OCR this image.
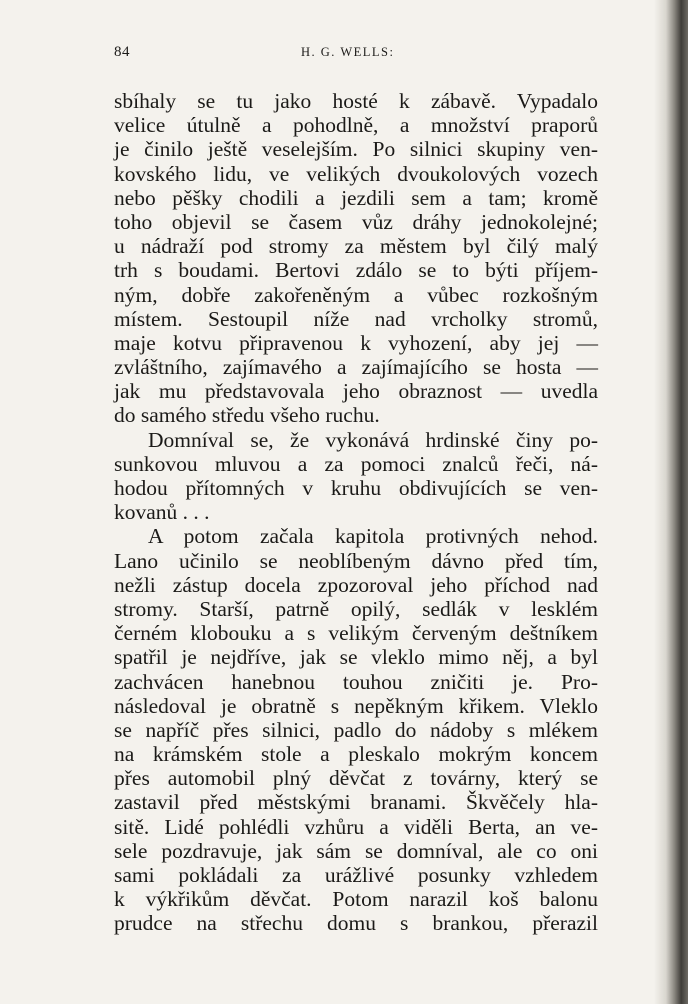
84	H. G. WELLS:
sbíhaly se tu jako hosté k zábavě. Vypadalo
velice útulně a pohodlně, a množství praporů
je činilo ještě veselejším. Po silnici skupiny ven-
kovského lidu, ve velikých dvoukolových vozech
nebo pěšky chodili a jezdili sem a tam; kromě
toho objevil se časem vůz dráhy jednokolejné;
u nádraží pod stromy za městem byl čilý malý
trh s boudami. Bertovi zdálo se to býti příjem-
ným, dobře zakořeněným a vůbec rozkošným
místem. Sestoupil níže nad vrcholky stromů,
maje kotvu připravenou k vyhození, aby jej —
zvláštního, zajímavého a zajímajícího se hosta —
jak mu představovala jeho obraznost — uvedla
do samého středu všeho ruchu.
Domníval se, že vykonává hrdinské činy po-
sunkovou mluvou a za pomoci znalců řeči, ná-
hodou přítomných v kruhu obdivujících se ven-
kovanů . . .
A potom začala kapitola protivných nehod.
Lano učinilo se neoblíbeným dávno před tím,
nežli zástup docela zpozoroval jeho příchod nad
stromy. Starší, patrně opilý, sedlák v lesklém
černém klobouku a s velikým červeným deštníkem
spatřil je nejdříve, jak se vleklo mimo něj, a byl
zachvácen hanebnou touhou zničiti je. Pro-
následoval je obratně s nepěkným křikem. Vleklo
se napříč přes silnici, padlo do nádoby s mlékem
na krámském stole a pleskalo mokrým koncem
přes automobil plný děvčat z továrny, který se
zastavil před městskými branami. Škvěčely hla-
sitě. Lidé pohlédli vzhůru a viděli Berta, an ve-
sele pozdravuje, jak sám se domníval, ale co oni
sami pokládali za urážlivé posunky vzhledem
k výkřikům děvčat. Potom narazil koš balonu
prudce na střechu domu s brankou, přerazil
